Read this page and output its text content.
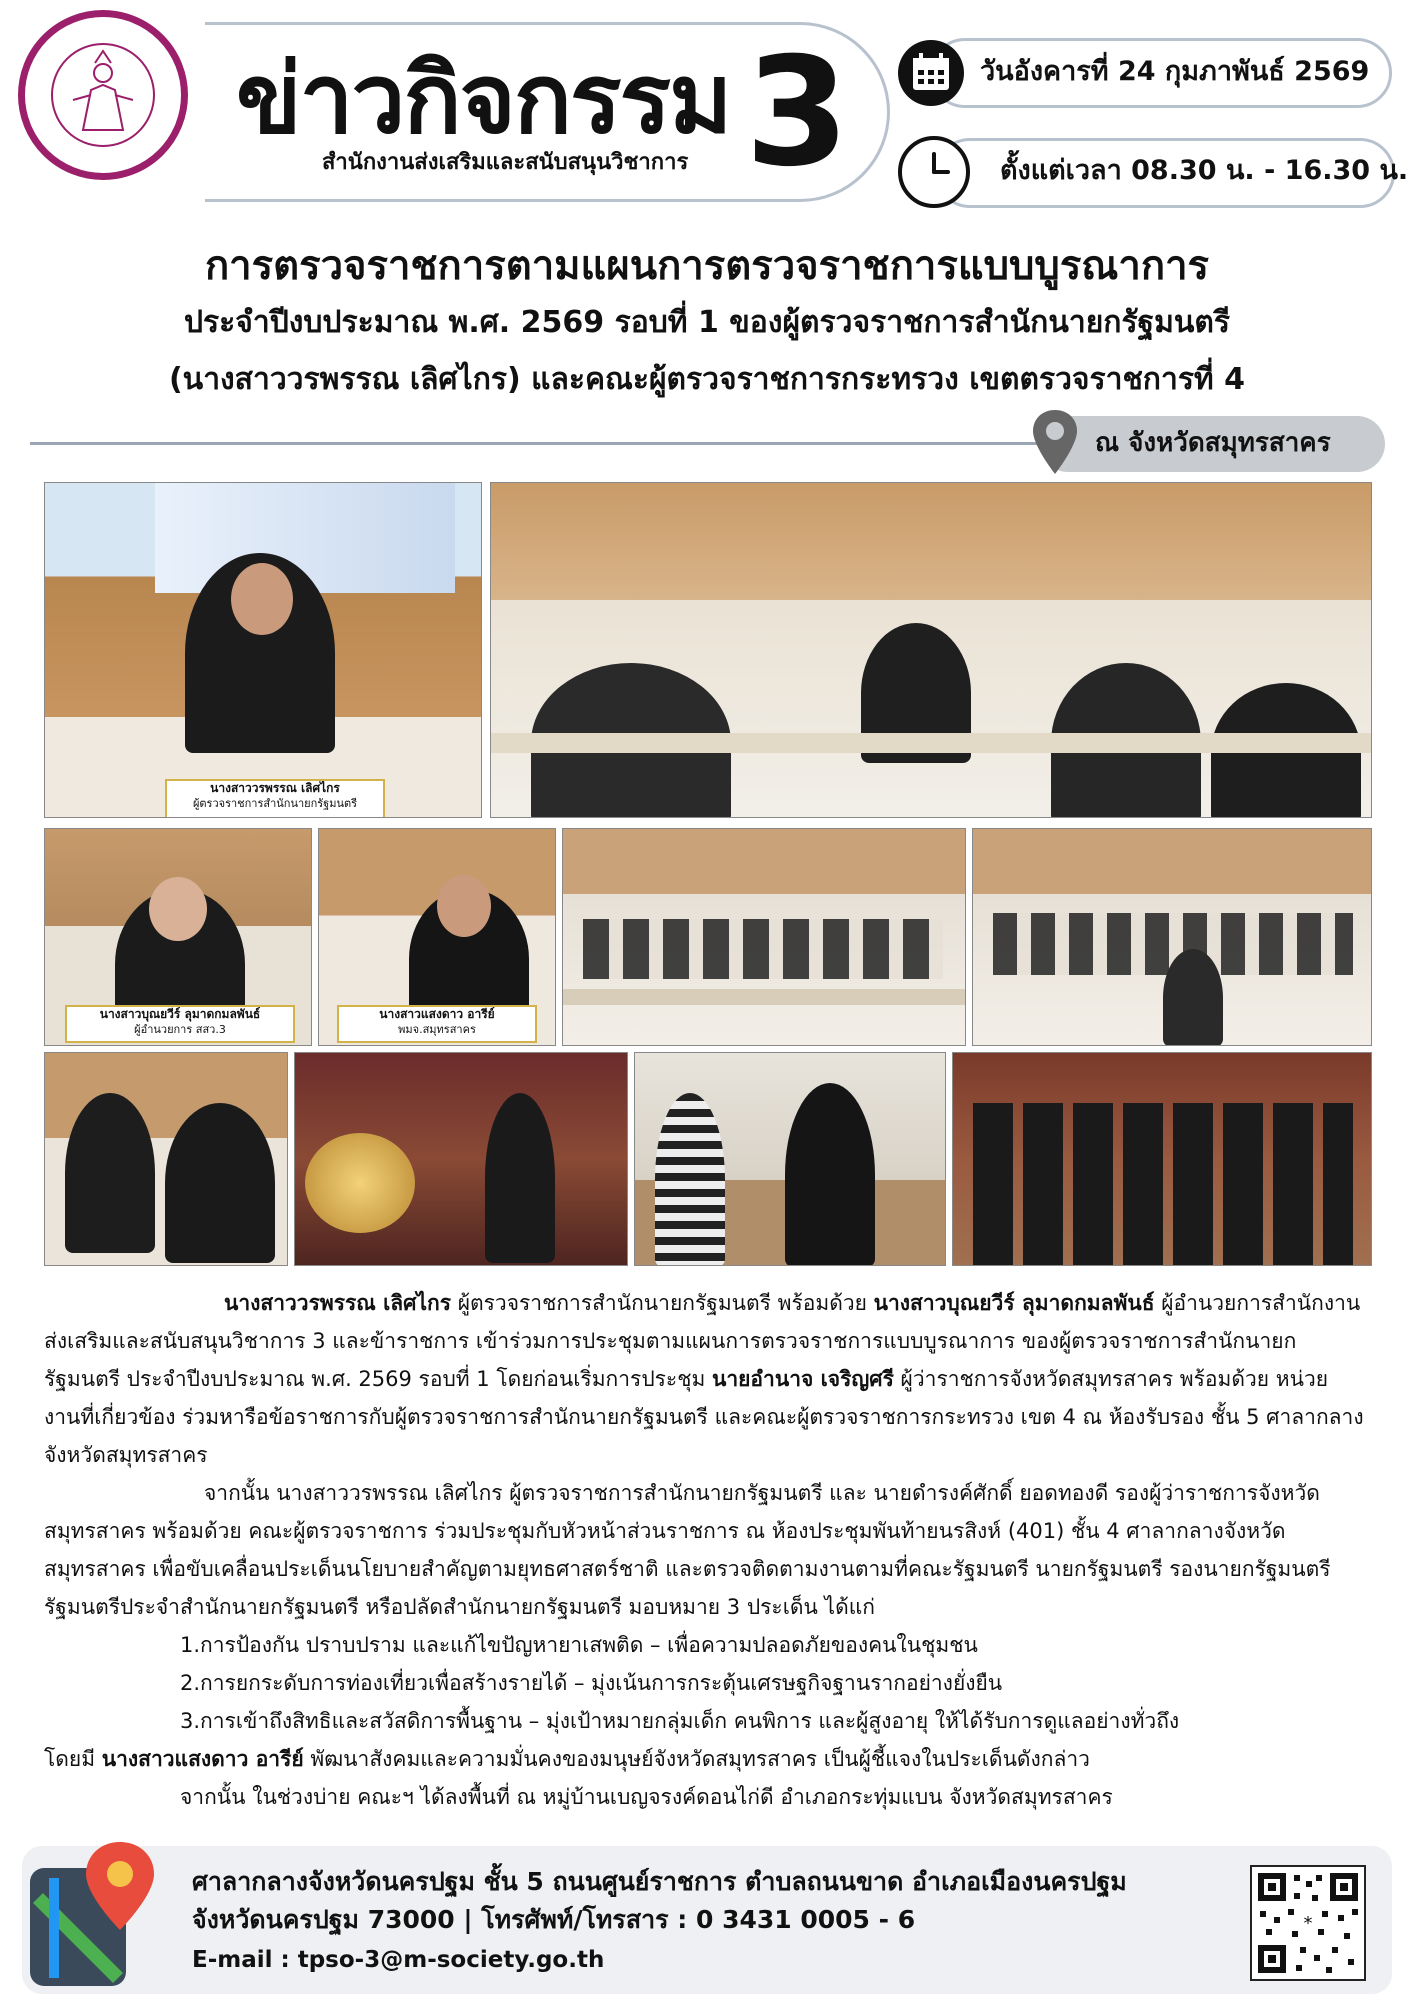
ข่าวกิจกรรม
สำนักงานส่งเสริมและสนับสนุนวิชาการ 3	วันอังคารที่ 24 กุมภาพันธ์ 2569
ตั้งแต่เวลา 08.30 น. - 16.30 น.
การตรวจราชการตามแผนการตรวจราชการแบบบูรณาการ
ประจำปีงบประมาณ พ.ศ. 2569 รอบที่ 1 ของผู้ตรวจราชการสำนักนายกรัฐมนตรี
(นางสาววรพรรณ เลิศไกร) และคณะผู้ตรวจราชการกระทรวง เขตตรวจราชการที่ 4
ณ จังหวัดสมุทรสาคร
นางสาววรพรรณ เลิศไกร
ผู้ตรวจราชการสำนักนายกรัฐมนตรี
นางสาวบุณยวีร์ ลุมาดกมลพันธ์
ผู้อำนวยการ สสว.3
นางสาวแสงดาว อารีย์
พมจ.สมุทรสาคร
นางสาววรพรรณ เลิศไกร ผู้ตรวจราชการสำนักนายกรัฐมนตรี พร้อมด้วย นางสาวบุณยวีร์ ลุมาดกมลพันธ์ ผู้อำนวยการสำนักงานส่งเสริมและสนับสนุนวิชาการ 3 และข้าราชการ เข้าร่วมการประชุมตามแผนการตรวจราชการแบบบูรณาการ ของผู้ตรวจราชการสำนักนายกรัฐมนตรี ประจำปีงบประมาณ พ.ศ. 2569 รอบที่ 1 โดยก่อนเริ่มการประชุม นายอำนาจ เจริญศรี ผู้ว่าราชการจังหวัดสมุทรสาคร พร้อมด้วย หน่วยงานที่เกี่ยวข้อง ร่วมหารือข้อราชการกับผู้ตรวจราชการสำนักนายกรัฐมนตรี และคณะผู้ตรวจราชการกระทรวง เขต 4 ณ ห้องรับรอง ชั้น 5 ศาลากลางจังหวัดสมุทรสาคร
จากนั้น นางสาววรพรรณ เลิศไกร ผู้ตรวจราชการสำนักนายกรัฐมนตรี และ นายดำรงค์ศักดิ์ ยอดทองดี รองผู้ว่าราชการจังหวัดสมุทรสาคร พร้อมด้วย คณะผู้ตรวจราชการ ร่วมประชุมกับหัวหน้าส่วนราชการ ณ ห้องประชุมพันท้ายนรสิงห์ (401) ชั้น 4 ศาลากลางจังหวัดสมุทรสาคร เพื่อขับเคลื่อนประเด็นนโยบายสำคัญตามยุทธศาสตร์ชาติ และตรวจติดตามงานตามที่คณะรัฐมนตรี นายกรัฐมนตรี รองนายกรัฐมนตรี รัฐมนตรีประจำสำนักนายกรัฐมนตรี หรือปลัดสำนักนายกรัฐมนตรี มอบหมาย 3 ประเด็น ได้แก่
1.การป้องกัน ปราบปราม และแก้ไขปัญหายาเสพติด – เพื่อความปลอดภัยของคนในชุมชน
2.การยกระดับการท่องเที่ยวเพื่อสร้างรายได้ – มุ่งเน้นการกระตุ้นเศรษฐกิจฐานรากอย่างยั่งยืน
3.การเข้าถึงสิทธิและสวัสดิการพื้นฐาน – มุ่งเป้าหมายกลุ่มเด็ก คนพิการ และผู้สูงอายุ ให้ได้รับการดูแลอย่างทั่วถึง
โดยมี นางสาวแสงดาว อารีย์ พัฒนาสังคมและความมั่นคงของมนุษย์จังหวัดสมุทรสาคร เป็นผู้ชี้แจงในประเด็นดังกล่าว
จากนั้น ในช่วงบ่าย คณะฯ ได้ลงพื้นที่ ณ หมู่บ้านเบญจรงค์ดอนไก่ดี อำเภอกระทุ่มแบน จังหวัดสมุทรสาคร
ศาลากลางจังหวัดนครปฐม ชั้น 5 ถนนศูนย์ราชการ ตำบลถนนขาด อำเภอเมืองนครปฐม
จังหวัดนครปฐม 73000 | โทรศัพท์/โทรสาร : 0 3431 0005 - 6
E-mail : tpso-3@m-society.go.th
*
